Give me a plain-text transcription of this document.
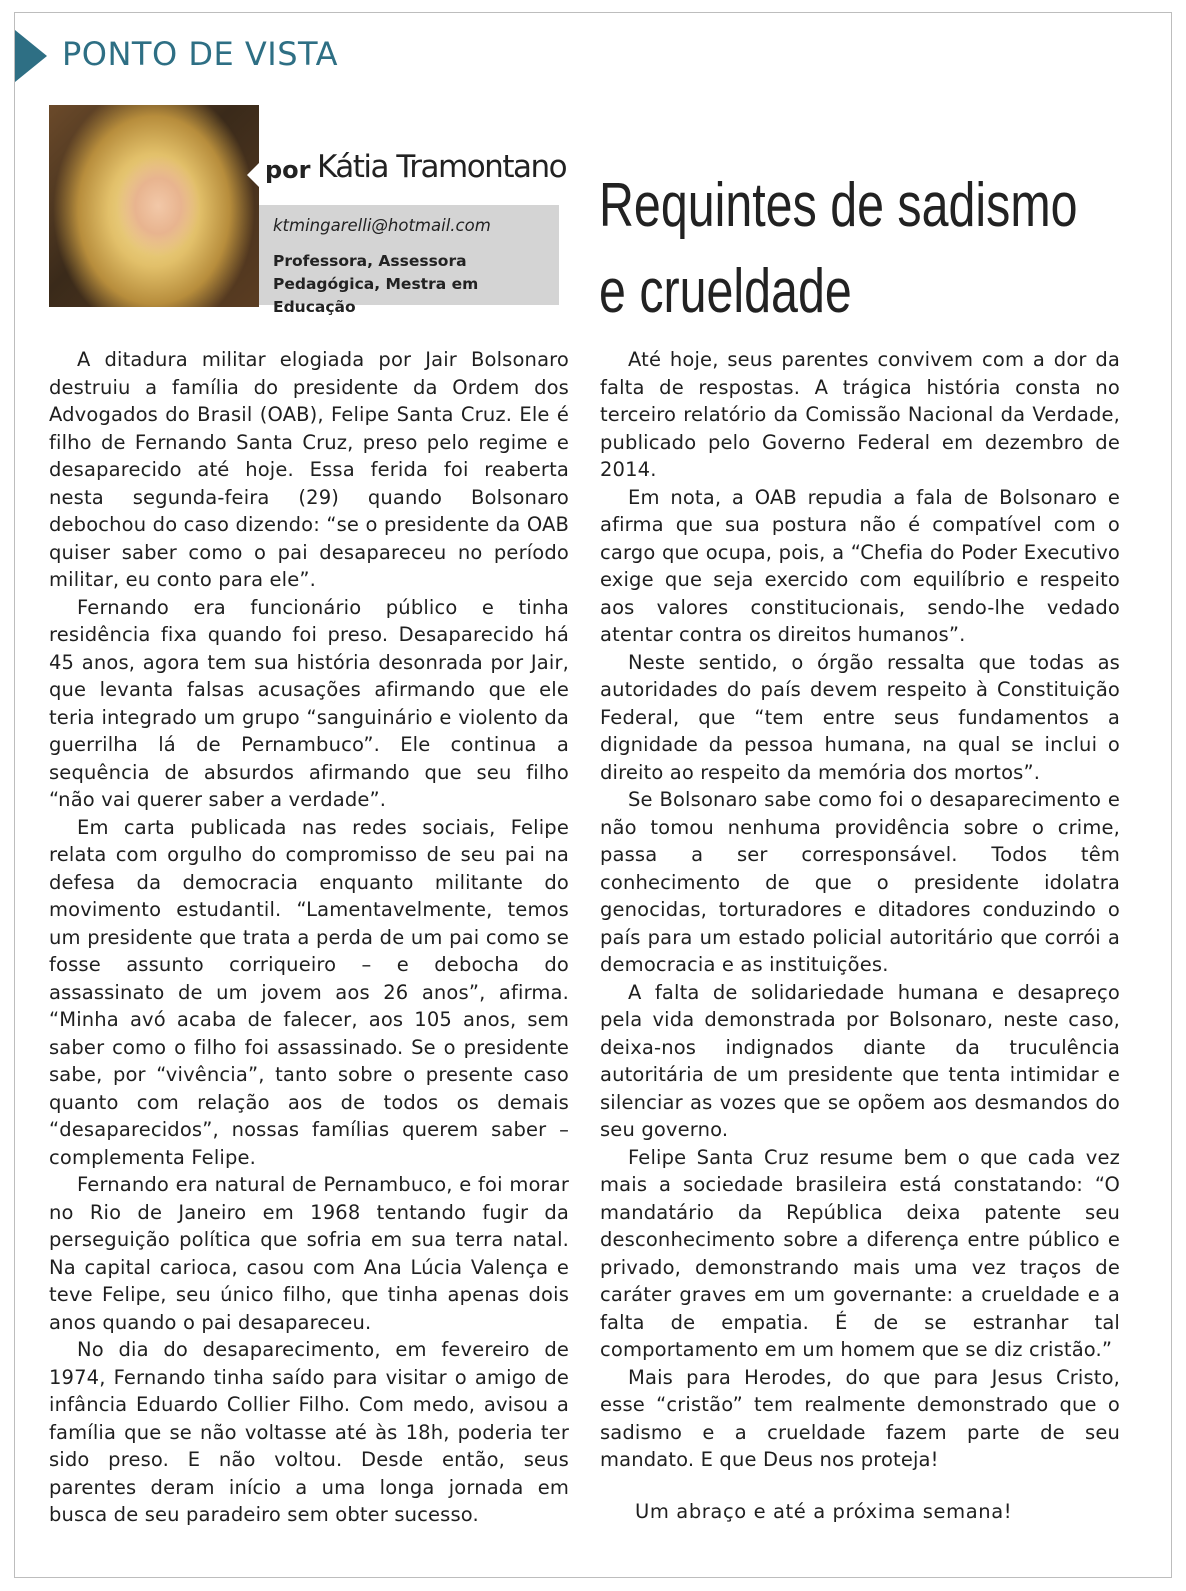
PONTO DE VISTA
por Kátia Tramontano
ktmingarelli@hotmail.com
Professora, Assessora Pedagógica, Mestra em Educação
Requintes de sadismo
e crueldade

A ditadura militar elogiada por Jair Bolsonaro destruiu a família do presidente da Ordem dos Advogados do Brasil (OAB), Felipe Santa Cruz. Ele é filho de Fernando Santa Cruz, preso pelo regime e desaparecido até hoje. Essa ferida foi reaberta nesta segunda-feira (29) quando Bolsonaro debochou do caso dizendo: “se o presidente da OAB quiser saber como o pai desapareceu no período militar, eu conto para ele”.

Fernando era funcionário público e tinha residência fixa quando foi preso. Desaparecido há 45 anos, agora tem sua história desonrada por Jair, que levanta falsas acusações afirmando que ele teria integrado um grupo “sanguinário e violento da guerrilha lá de Pernambuco”. Ele continua a sequência de absurdos afirmando que seu filho “não vai querer saber a verdade”.

Em carta publicada nas redes sociais, Felipe relata com orgulho do compromisso de seu pai na defesa da democracia enquanto militante do movimento estudantil. “Lamentavelmente, temos um presidente que trata a perda de um pai como se fosse assunto corriqueiro – e debocha do assassinato de um jovem aos 26 anos”, afirma. “Minha avó acaba de falecer, aos 105 anos, sem saber como o filho foi assassinado. Se o presidente sabe, por “vivência”, tanto sobre o presente caso quanto com relação aos de todos os demais “desaparecidos”, nossas famílias querem saber – complementa Felipe.

Fernando era natural de Pernambuco, e foi morar no Rio de Janeiro em 1968 tentando fugir da perseguição política que sofria em sua terra natal. Na capital carioca, casou com Ana Lúcia Valença e teve Felipe, seu único filho, que tinha apenas dois anos quando o pai desapareceu.

No dia do desaparecimento, em fevereiro de 1974, Fernando tinha saído para visitar o amigo de infância Eduardo Collier Filho. Com medo, avisou a família que se não voltasse até às 18h, poderia ter sido preso. E não voltou. Desde então, seus parentes deram início a uma longa jornada em busca de seu paradeiro sem obter sucesso.

Até hoje, seus parentes convivem com a dor da falta de respostas. A trágica história consta no terceiro relatório da Comissão Nacional da Verdade, publicado pelo Governo Federal em dezembro de 2014.

Em nota, a OAB repudia a fala de Bolsonaro e afirma que sua postura não é compatível com o cargo que ocupa, pois, a “Chefia do Poder Executivo exige que seja exercido com equilíbrio e respeito aos valores constitucionais, sendo-lhe vedado atentar contra os direitos humanos”.

Neste sentido, o órgão ressalta que todas as autoridades do país devem respeito à Constituição Federal, que “tem entre seus fundamentos a dignidade da pessoa humana, na qual se inclui o direito ao respeito da memória dos mortos”.

Se Bolsonaro sabe como foi o desaparecimento e não tomou nenhuma providência sobre o crime, passa a ser corresponsável. Todos têm conhecimento de que o presidente idolatra genocidas, torturadores e ditadores conduzindo o país para um estado policial autoritário que corrói a democracia e as instituições.

A falta de solidariedade humana e desapreço pela vida demonstrada por Bolsonaro, neste caso, deixa-nos indignados diante da truculência autoritária de um presidente que tenta intimidar e silenciar as vozes que se opõem aos desmandos do seu governo.

Felipe Santa Cruz resume bem o que cada vez mais a sociedade brasileira está constatando: “O mandatário da República deixa patente seu desconhecimento sobre a diferença entre público e privado, demonstrando mais uma vez traços de caráter graves em um governante: a crueldade e a falta de empatia. É de se estranhar tal comportamento em um homem que se diz cristão.”

Mais para Herodes, do que para Jesus Cristo, esse “cristão” tem realmente demonstrado que o sadismo e a crueldade fazem parte de seu mandato. E que Deus nos proteja!

Um abraço e até a próxima semana!
